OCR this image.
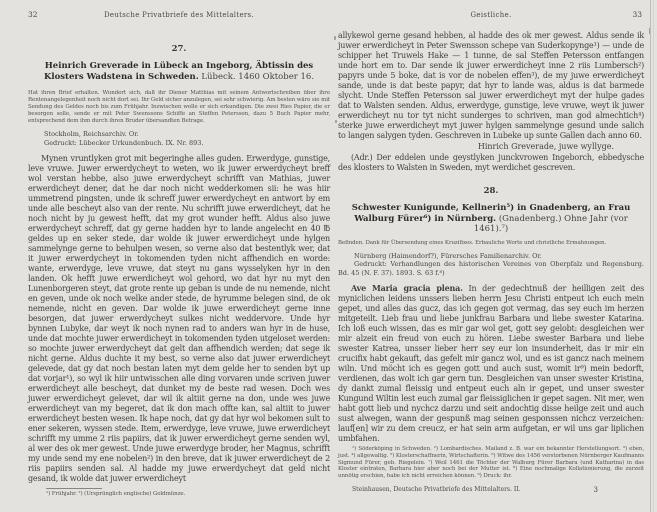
32	Deutsche Privatbriefe des Mittelalters.
27.
Heinrich Greverade in Lübeck an Ingeborg, Äbtissin des Klosters Wadstena in Schweden. Lübeck. 1460 Oktober 16.
Hat ihren Brief erhalten. Wundert sich, daß ihr Diener Matthias mit seinem Antwortschreiben über ihre Rentenangelegenheit noch nicht dort sei. Ihr Geld sicher anzulegen, sei sehr schwierig. Am besten wäre sie mit Sendung des Geldes noch bis zum Frühjahr. Inzwischen wolle er sich erkundigen. Die zwei Ries Papier, die er besorgen solle, sende er mit Peter Swenssons Schiffe an Steffen Petersson, dazu 5 Buch Papier mehr, entsprechend dem ihm durch ihren Bruder übersandten Betrage.
Stockholm, Reichsarchiv. Or.
Gedruckt: Lübecker Urkundenbuch. IX. Nr. 893.
Mynen vruntlyken grot mit begeringhe alles guden. Erwerdyge, gunstige, leve vruwe. Juwer erwerdycheyt to weten, wo ik juwer erwerdycheyt breff wol verstan hebbe, also juwe erwerdycheyt schrifft van Mathias, juwer erwerdicheyt dener, dat he dar noch nicht wedderkomen sii: he was hiir ummetrend pingsten, unde ik schreff juwer erwerdycheyt en antwort by em unde alle bescheyt also van der rente. Nu schrifft juwe erwerdicheyt, dat he noch nicht by ju gewest hefft, dat my grot wunder hefft. Aldus also juwe erwerdycheyt schreff, dat gy gerne hadden hyr to lande angelecht en 40 ℔ geldes up en seker stede, dar wolde ik juwer erwerdicheyt unde hylgen sammelynge gerne to behulpen wesen, so verne also dat bestentlyk wer, dat it juwer erwerdycheyt in tokomenden tyden nicht affhendich en worde: wante, erwerdyge, leve vruwe, dat steyt nu gans wysselyken hyr in den landen. Ok hefft juwe erwerdicheyt wol gehord, wo dat hyr nu myt den Lunenborgeren steyt, dat grote rente up geban is unde de nu nemende, nicht en geven, unde ok noch welke ander stede, de hyrumme belegen sind, de ok nemende, nicht en geven. Dar wolde ik juwe erwerdicheyt gerne inne besorgen, dat juwer erwerdycheyt sulkes nicht weddervore. Unde hyr bynnen Lubyke, dar weyt ik noch nynen rad to anders wan hyr in de huse, unde dat mochte juwer erwerdicheyt in tokomenden tyden utgeloset werden: so mochte juwer erwerdycheyt dat gelt dan affhendich werden; dat sege ik nicht gerne. Aldus duchte it my best, so verne also dat juwer erwerdicheyt gelevede, dat gy dat noch bestan laten myt dem gelde her to senden byt up dat vorjar¹), so wyl ik hiir untwisschen alle ding vorvaren unde scriven juwer erwerdicheyt alle bescheyt, dat dunket my de beste rad wesen. Doch wes juwer erwerdicheyt gelevet, dar wil ik altiit gerne na don, unde wes juwe erwerdicheyt van my begeret, dat ik don mach offte kan, sal altiit to juwer erwerdicheyt besten wesen. Ik hape noch, dat gy dat hyr wol bekomen sult to ener sekeren, wyssen stede. Item, erwerdyge, leve vruwe, juwe erwerdicheyt schrifft my umme 2 riis papiirs, dat ik juwer erwerdicheyt gerne senden wyl, al wer des ok mer gewest. Unde juwe erwerdyge broder, her Magnus, schrifft my unde send my ene nobelen²) in den breve, dat ik juwer erwerdicheyt de 2 riis papiirs senden sal. Al hadde my juwe erwerdycheyt dat geld nicht gesand, ik wolde dat juwer erwerdicheyt
¹) Frühjahr. ²) (Ursprünglich englische) Goldmünze.
Geistliche.	33
allykewol gerne gesand hebben, al hadde des ok mer gewest. Aldus sende ik juwer erwerdicheyt in Peter Swensson schepe van Suderkopynge¹) — unde de schipper het Truwels Hake — 1 tunne, de sal Steffen Petersson entfangen unde hort em to. Dar sende ik juwer erwerdicheyt inne 2 riis Lumbersch²) papyrs unde 5 boke, dat is vor de nobelen effen³), de my juwe erwerdicheyt sande, unde is dat beste papyr, dat hyr to lande was, aldus is dat barmede slycht. Unde Steffen Petersson sal juwer erwerdicheyt myt der hulpe gades dat to Walsten senden. Aldus, erwerdyge, gunstige, leve vruwe, weyt ik juwer erwerdicheyt nu tor tyt nicht sunderges to schriven, man god almechtich⁴) sterke juwe erwerdicheyt myt juwer hylgen sammelynge gesund unde salich to langen salygen tyden. Geschreven in Lubeke up sunte Gallen dach anno 60.
Hinrich Greverade, juwe wyllyge.
(Adr.) Der eddelen unde geystlyken junckvrowen Ingeborch, ebbedysche des klosters to Walsten in Sweden, myt werdichet gescreven.
28.
Schwester Kunigunde, Kellnerin⁵) in Gnadenberg, an Frau Walburg Fürer⁶) in Nürnberg. (Gnadenberg.) Ohne Jahr (vor 1461).⁷)
Befinden. Dank für Übersendung eines Kruzifixes. Erbauliche Worte und christliche Ermahnungen.
Nürnberg (Haimendorf?), Fürersches Familienarchiv. Or.
Gedruckt: Verhandlungen des historischen Vereines von Oberpfalz und Regensburg. Bd. 45 (N. F. 37). 1893. S. 63 f.⁸)
Ave Maria gracia plena. In der gedechtnuß der heilligen zeit des myniclichen leidens unssers lieben herrn Jesu Christi entpeut ich euch mein gepet, und alles das gucz, das ich gegen got vermag, das sey euch im herzen mitgeteilt. Lieb frau und liebe junkfrau Barbara und liebe swester Katarina. Ich loß euch wissen, das es mir gar wol get, gott sey gelobt: desgleichen wer mir alzeit ein freud von euch zu hören. Liebe swester Barbara und liebe swester Katrea, unsser lieber herr sey eur lon insunderheit, das ir mir ein crucifix habt gekauft, das gefelt mir gancz wol, und es ist gancz nach meinem wiln. Und möcht ich es gegen gott und auch sust, womit ir⁹) mein bedorft, verdienen, das wolt ich gar gern tun. Desgleichen van unser swester Kristina, dy dankt zumal fleissig und entpeut euch aln ir gepet, und unser swester Kungund Wiltin lest euch zumal gar fleissiglichen ir gepet sagen. Nit mer, wen habt gott lieb und nychcz darzu und seit andochtig disse heilge zeit und auch sust alwegen, wann der gespunß mag seinen gesponssen nichcz verzeichen: lauf[en] wir zu dem creucz, er hat sein arm aufgetan, er wil uns gar liplichen umbfahen.
¹) Söderköping in Schweden. ²) Lombardisches. Mailand z. B. war ein bekannter Herstellungsort. ³) eben, just. ⁴) allgewaltig. ⁵) Klosterschaffnerin, Wirtschafterin. ⁶) Witwe des 1456 verstorbenen Nürnberger Kaufmanns Sigmund Fürer, geb. Riegelein. ⁷) Weil 1461 die Töchter der Walburg Fürer Barbara (und Katharina) in das Kloster eintraten, Barbara hier aber noch bei der Mutter ist. ⁸) Eine nochmalige Kollationierung, die zurzeit unnötig erschien, habe ich nicht erreichen können. ⁹) Druck: ihr.
Steinhausen, Deutsche Privatbriefe des Mittelalters. II.	3
